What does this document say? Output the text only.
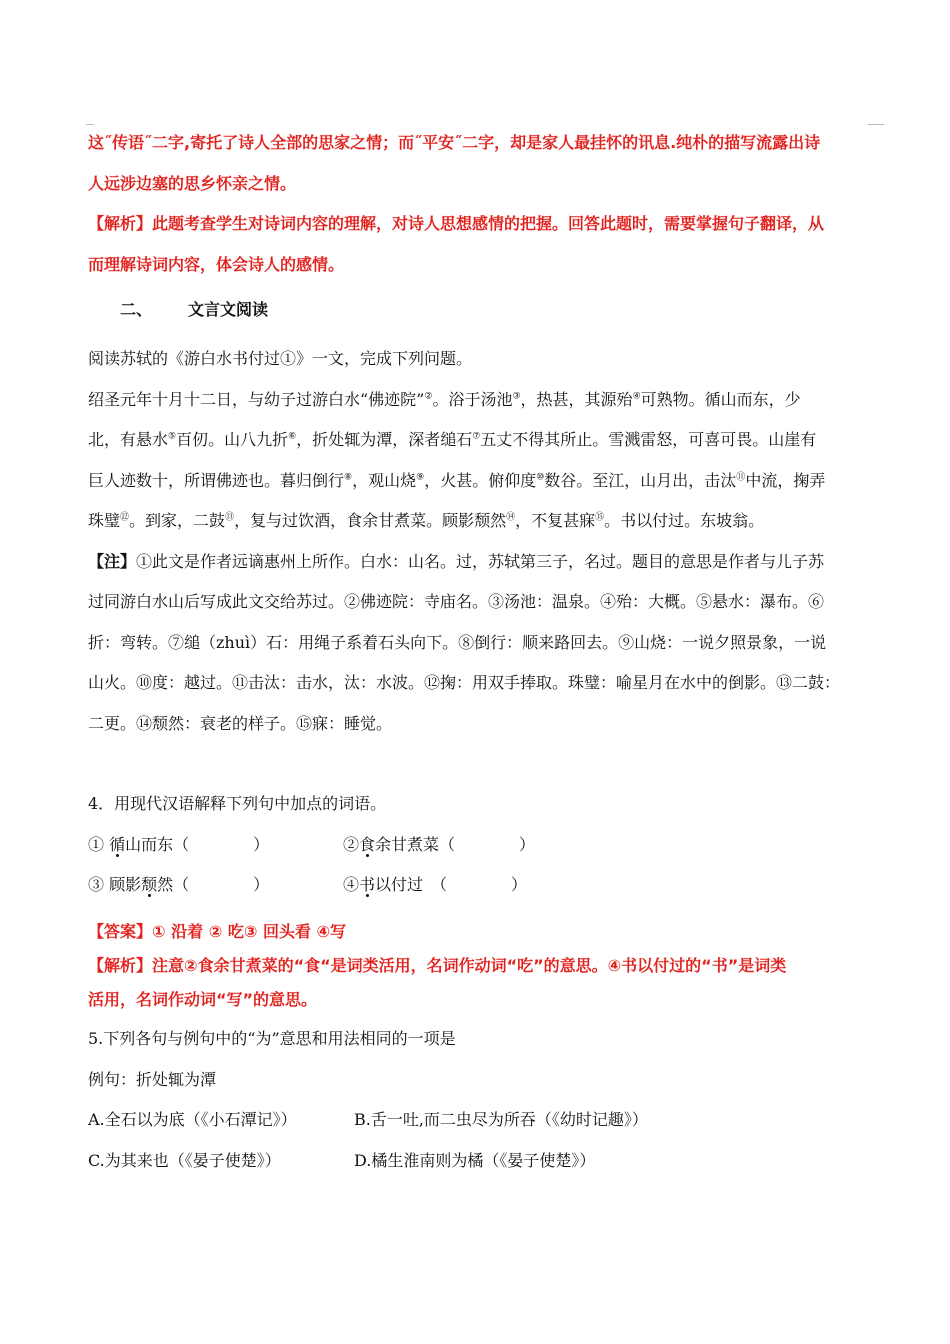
这˝传语˝二字,寄托了诗人全部的思家之情；而˝平安˝二字，却是家人最挂怀的讯息.纯朴的描写流露出诗
人远涉边塞的思乡怀亲之情。
【解析】此题考查学生对诗词内容的理解，对诗人思想感情的把握。回答此题时，需要掌握句子翻译，从
而理解诗词内容，体会诗人的感情。
二、 文言文阅读
阅读苏轼的《游白水书付过①》一文，完成下列问题。
绍圣元年十月十二日，与幼子过游白水“佛迹院”②。浴于汤池③，热甚，其源殆④可熟物。循山而东，少
北，有悬水⑤百仞。山八九折⑥，折处辄为潭，深者缒石⑦五丈不得其所止。雪溅雷怒，可喜可畏。山崖有
巨人迹数十，所谓佛迹也。暮归倒行⑧，观山烧⑨，火甚。俯仰度⑩数谷。至江，山月出，击汰⑪中流，掬弄
珠璧⑫。到家，二鼓⑬，复与过饮酒，食余甘煮菜。顾影颓然⑭，不复甚寐⑮。书以付过。东坡翁。
【注】①此文是作者远谪惠州上所作。白水：山名。过，苏轼第三子，名过。题目的意思是作者与儿子苏
过同游白水山后写成此文交给苏过。②佛迹院：寺庙名。③汤池：温泉。④殆：大概。⑤悬水：瀑布。⑥
折：弯转。⑦缒（zhuì）石：用绳子系着石头向下。⑧倒行：顺来路回去。⑨山烧：一说夕照景象，一说
山火。⑩度：越过。⑪击汰：击水，汰：水波。⑫掬：用双手捧取。珠璧：喻星月在水中的倒影。⑬二鼓：
二更。⑭颓然：衰老的样子。⑮寐：睡觉。
4．用现代汉语解释下列句中加点的词语。
① 循山而东（　　　　）	②食余甘煮菜（　　　　）
③ 顾影颓然（　　　　）	④书以付过　（　　　　）
【答案】① 沿着 ② 吃③ 回头看 ④写
【解析】注意②食余甘煮菜的“食“是词类活用，名词作动词“吃”的意思。④书以付过的“书”是词类
活用，名词作动词“写”的意思。
5.下列各句与例句中的“为”意思和用法相同的一项是
例句：折处辄为潭
A.全石以为底（《小石潭记》）	B.舌一吐,而二虫尽为所吞（《幼时记趣》）
C.为其来也（《晏子使楚》）	D.橘生淮南则为橘（《晏子使楚》）
